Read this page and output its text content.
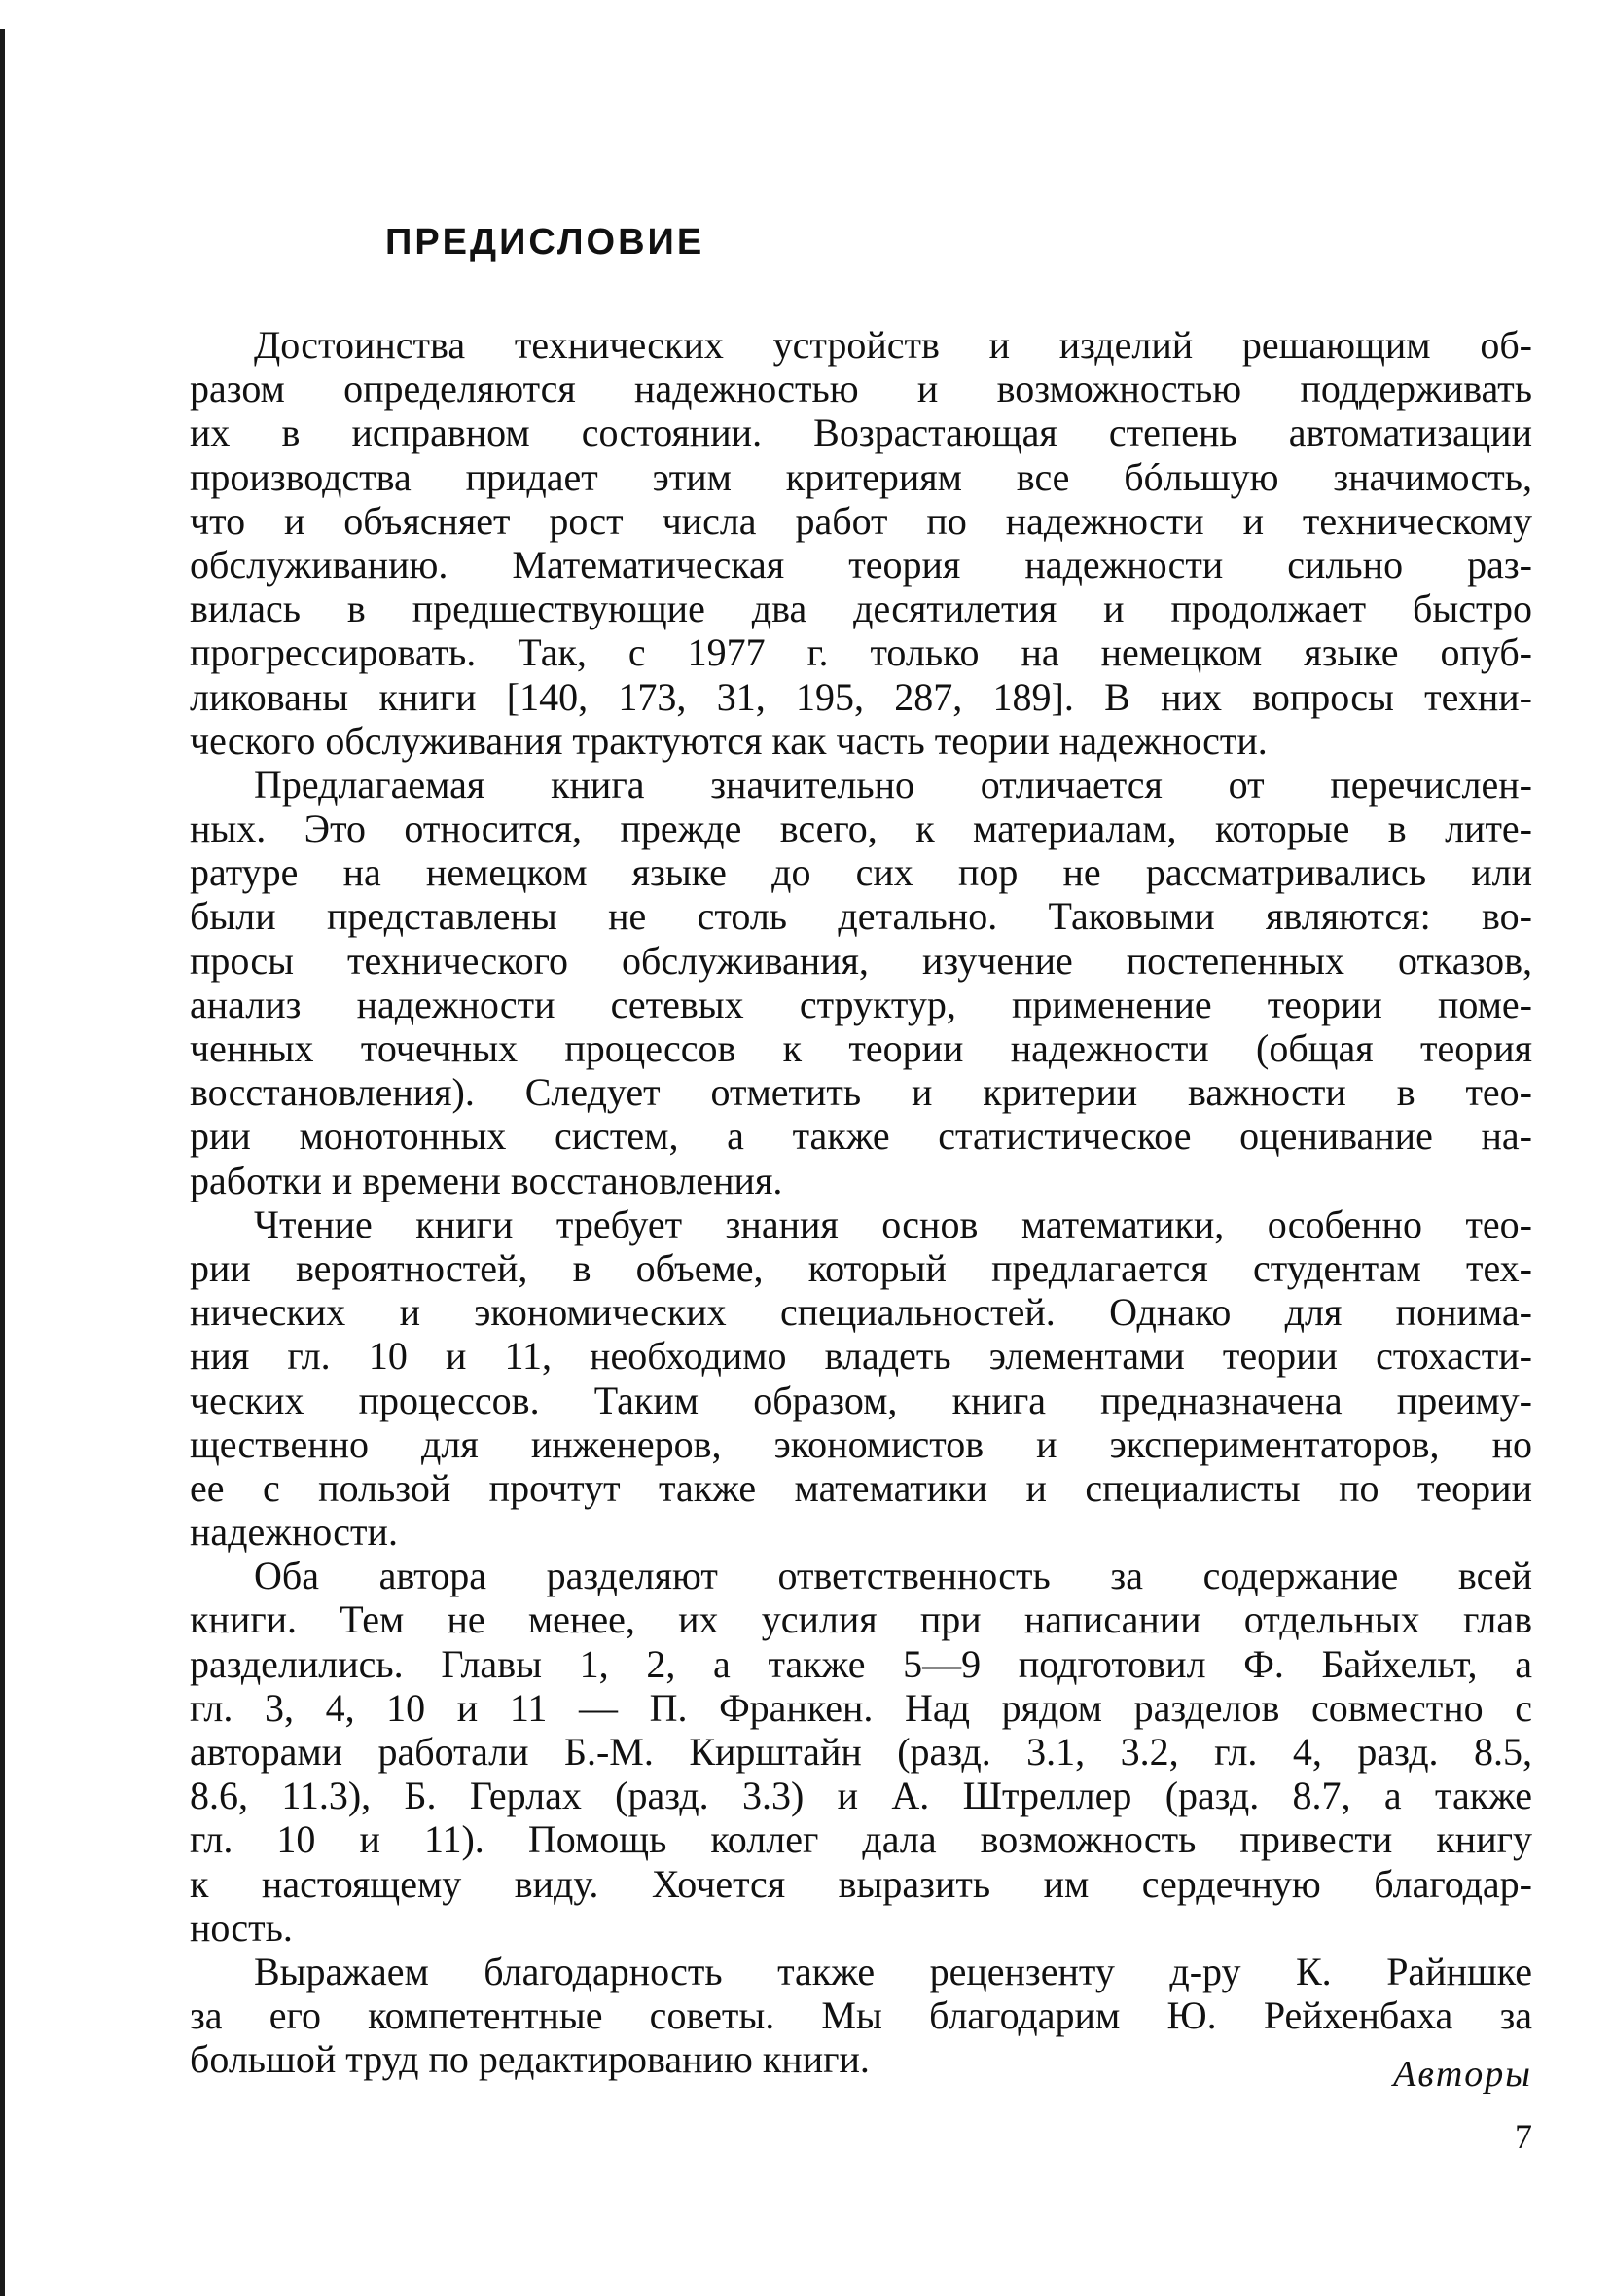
ПРЕДИСЛОВИЕ
Достоинства технических устройств и изделий решающим об-
разом определяются надежностью и возможностью поддерживать
их в исправном состоянии. Возрастающая степень автоматизации
производства придает этим критериям все бóльшую значимость,
что и объясняет рост числа работ по надежности и техническому
обслуживанию. Математическая теория надежности сильно раз-
вилась в предшествующие два десятилетия и продолжает быстро
прогрессировать. Так, с 1977 г. только на немецком языке опуб-
ликованы книги [140, 173, 31, 195, 287, 189]. В них вопросы техни-
ческого обслуживания трактуются как часть теории надежности.
Предлагаемая книга значительно отличается от перечислен-
ных. Это относится, прежде всего, к материалам, которые в лите-
ратуре на немецком языке до сих пор не рассматривались или
были представлены не столь детально. Таковыми являются: во-
просы технического обслуживания, изучение постепенных отказов,
анализ надежности сетевых структур, применение теории поме-
ченных точечных процессов к теории надежности (общая теория
восстановления). Следует отметить и критерии важности в тео-
рии монотонных систем, а также статистическое оценивание на-
работки и времени восстановления.
Чтение книги требует знания основ математики, особенно тео-
рии вероятностей, в объеме, который предлагается студентам тех-
нических и экономических специальностей. Однако для понима-
ния гл. 10 и 11, необходимо владеть элементами теории стохасти-
ческих процессов. Таким образом, книга предназначена преиму-
щественно для инженеров, экономистов и экспериментаторов, но
ее с пользой прочтут также математики и специалисты по теории
надежности.
Оба автора разделяют ответственность за содержание всей
книги. Тем не менее, их усилия при написании отдельных глав
разделились. Главы 1, 2, а также 5—9 подготовил Ф. Байхельт, а
гл. 3, 4, 10 и 11 — П. Франкен. Над рядом разделов совместно с
авторами работали Б.-М. Кирштайн (разд. 3.1, 3.2, гл. 4, разд. 8.5,
8.6, 11.3), Б. Герлах (разд. 3.3) и А. Штреллер (разд. 8.7, а также
гл. 10 и 11). Помощь коллег дала возможность привести книгу
к настоящему виду. Хочется выразить им сердечную благодар-
ность.
Выражаем благодарность также рецензенту д-ру К. Райншке
за его компетентные советы. Мы благодарим Ю. Рейхенбаха за
большой труд по редактированию книги.	Авторы
7
